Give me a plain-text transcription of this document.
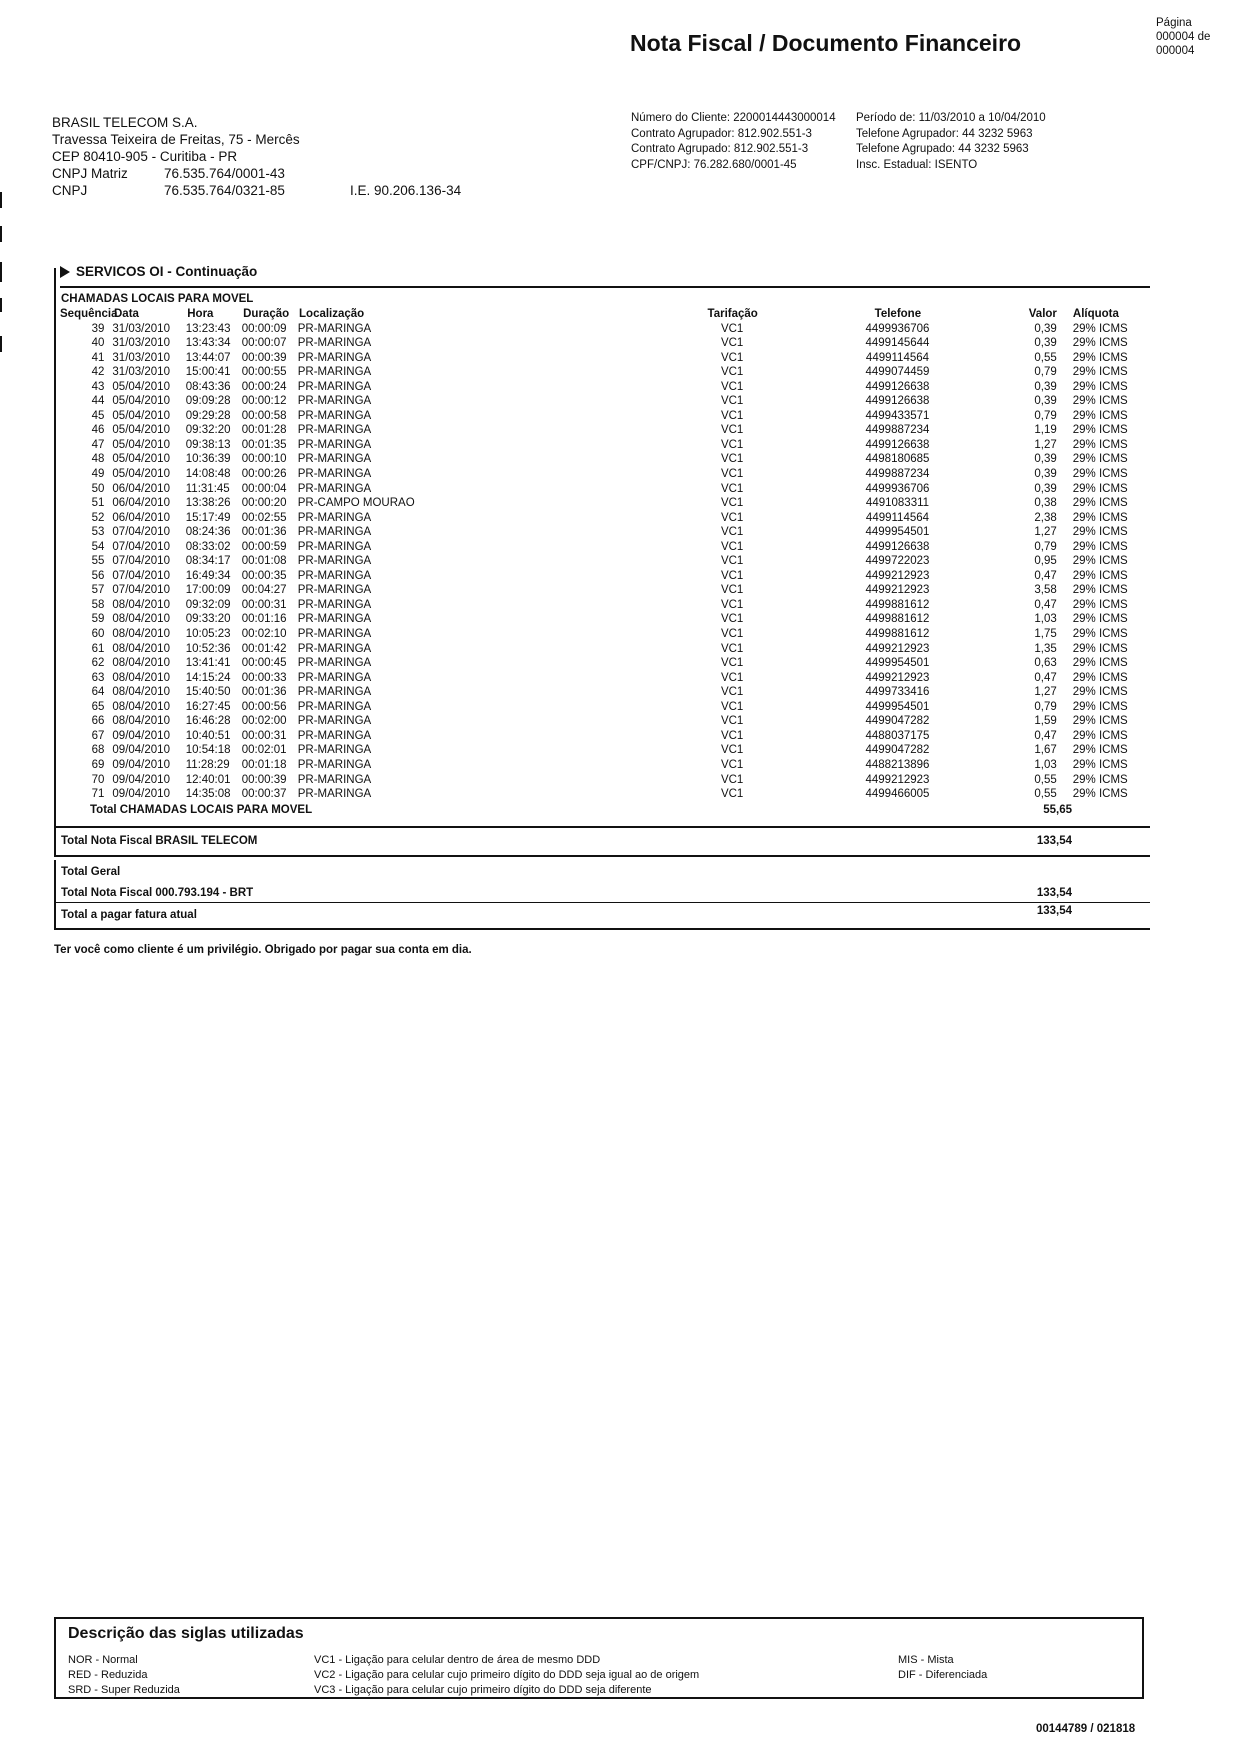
Nota Fiscal / Documento Financeiro
Página
000004 de
000004
BRASIL TELECOM S.A.
Travessa Teixeira de Freitas, 75 - Mercês
CEP 80410-905 - Curitiba - PR
CNPJ Matriz	76.535.764/0001-43
CNPJ	76.535.764/0321-85	I.E. 90.206.136-34
Número do Cliente: 2200014443000014
Contrato Agrupador: 812.902.551-3
Contrato Agrupado: 812.902.551-3
CPF/CNPJ: 76.282.680/0001-45
Período de: 11/03/2010 a 10/04/2010
Telefone Agrupador: 44 3232 5963
Telefone Agrupado: 44 3232 5963
Insc. Estadual: ISENTO
SERVICOS OI - Continuação
CHAMADAS LOCAIS PARA MOVEL
Sequência
Data	Hora	Duração Localização	Tarifação	Telefone	Valor	Alíquota
39 31/03/2010	13:23:43 00:00:09 PR-MARINGA	VC1	4499936706	0,39	29% ICMS
40 31/03/2010	13:43:34 00:00:07 PR-MARINGA	VC1	4499145644	0,39	29% ICMS
41 31/03/2010	13:44:07 00:00:39 PR-MARINGA	VC1	4499114564	0,55	29% ICMS
42 31/03/2010	15:00:41 00:00:55 PR-MARINGA	VC1	4499074459	0,79	29% ICMS
43 05/04/2010	08:43:36 00:00:24 PR-MARINGA	VC1	4499126638	0,39	29% ICMS
44 05/04/2010	09:09:28 00:00:12 PR-MARINGA	VC1	4499126638	0,39	29% ICMS
45 05/04/2010	09:29:28 00:00:58 PR-MARINGA	VC1	4499433571	0,79	29% ICMS
46 05/04/2010	09:32:20 00:01:28 PR-MARINGA	VC1	4499887234	1,19	29% ICMS
47 05/04/2010	09:38:13 00:01:35 PR-MARINGA	VC1	4499126638	1,27	29% ICMS
48 05/04/2010	10:36:39 00:00:10 PR-MARINGA	VC1	4498180685	0,39	29% ICMS
49 05/04/2010	14:08:48 00:00:26 PR-MARINGA	VC1	4499887234	0,39	29% ICMS
50 06/04/2010	11:31:45	00:00:04 PR-MARINGA	VC1	4499936706	0,39	29% ICMS
51 06/04/2010	13:38:26 00:00:20 PR-CAMPO MOURAO	VC1	4491083311	0,38	29% ICMS
52 06/04/2010	15:17:49 00:02:55 PR-MARINGA	VC1	4499114564	2,38	29% ICMS
53 07/04/2010	08:24:36 00:01:36 PR-MARINGA	VC1	4499954501	1,27	29% ICMS
54 07/04/2010	08:33:02 00:00:59 PR-MARINGA	VC1	4499126638	0,79	29% ICMS
55 07/04/2010	08:34:17 00:01:08 PR-MARINGA	VC1	4499722023	0,95	29% ICMS
56 07/04/2010	16:49:34 00:00:35 PR-MARINGA	VC1	4499212923	0,47	29% ICMS
57 07/04/2010	17:00:09 00:04:27 PR-MARINGA	VC1	4499212923	3,58	29% ICMS
58 08/04/2010	09:32:09 00:00:31 PR-MARINGA	VC1	4499881612	0,47	29% ICMS
59 08/04/2010	09:33:20 00:01:16 PR-MARINGA	VC1	4499881612	1,03	29% ICMS
60 08/04/2010	10:05:23 00:02:10 PR-MARINGA	VC1	4499881612	1,75	29% ICMS
61 08/04/2010	10:52:36 00:01:42 PR-MARINGA	VC1	4499212923	1,35	29% ICMS
62 08/04/2010	13:41:41 00:00:45 PR-MARINGA	VC1	4499954501	0,63	29% ICMS
63 08/04/2010	14:15:24 00:00:33 PR-MARINGA	VC1	4499212923	0,47	29% ICMS
64 08/04/2010	15:40:50 00:01:36 PR-MARINGA	VC1	4499733416	1,27	29% ICMS
65 08/04/2010	16:27:45 00:00:56 PR-MARINGA	VC1	4499954501	0,79	29% ICMS
66 08/04/2010	16:46:28 00:02:00 PR-MARINGA	VC1	4499047282	1,59	29% ICMS
67 09/04/2010	10:40:51 00:00:31 PR-MARINGA	VC1	4488037175	0,47	29% ICMS
68 09/04/2010	10:54:18 00:02:01 PR-MARINGA	VC1	4499047282	1,67	29% ICMS
69 09/04/2010	11:28:29	00:01:18 PR-MARINGA	VC1	4488213896	1,03	29% ICMS
70 09/04/2010	12:40:01 00:00:39 PR-MARINGA	VC1	4499212923	0,55	29% ICMS
71 09/04/2010	14:35:08 00:00:37 PR-MARINGA	VC1	4499466005	0,55	29% ICMS
Total CHAMADAS LOCAIS PARA MOVEL	55,65
Total Nota Fiscal BRASIL TELECOM	133,54
Total Geral
Total Nota Fiscal 000.793.194 - BRT	133,54
Total a pagar fatura atual	133,54
Ter você como cliente é um privilégio. Obrigado por pagar sua conta em dia.
Descrição das siglas utilizadas
NOR - Normal
RED - Reduzida
SRD - Super Reduzida
VC1 - Ligação para celular dentro de área de mesmo DDD
VC2 - Ligação para celular cujo primeiro dígito do DDD seja igual ao de origem
VC3 - Ligação para celular cujo primeiro dígito do DDD seja diferente
MIS - Mista
DIF - Diferenciada
00144789 / 021818
